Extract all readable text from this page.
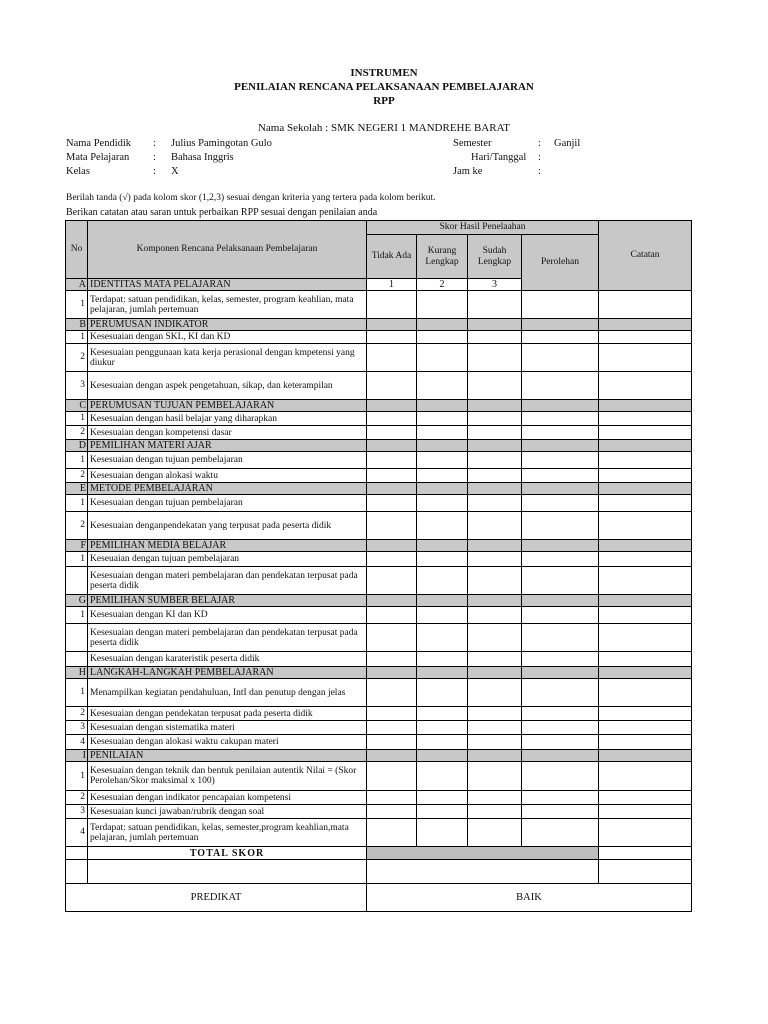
INSTRUMEN
PENILAIAN RENCANA PELAKSANAAN PEMBELAJARAN
RPP
Nama Sekolah : SMK NEGERI 1 MANDREHE BARAT
Nama Pendidik : Julius Pamingotan Gulo
Mata Pelajaran : Bahasa Inggris
Kelas	: X
Semester	: Ganjil
Hari/Tanggal :
Jam ke	:
Berilah tanda (√) pada kolom skor (1,2,3) sesuai dengan kriteria yang tertera pada kolom berikut.
Berikan catatan atau saran untuk perbaikan RPP sesuai dengan penilaian anda
No	Komponen Rencana Pelaksanaan Pembelajaran	Skor Hasil Penelaahan				Catatan	
		Tidak Ada	Kurang Lengkap	Sudah Lengkap	Perolehan		
A	IDENTITAS MATA PELAJARAN	1	2	3			
1	Terdapat: satuan pendidikan, kelas, semester, program keahlian, mata pelajaran, jumlah pertemuan						
B	PERUMUSAN INDIKATOR						
1	Kesesuaian dengan SKL, KI dan KD						
2	Kesesuaian penggunaan kata kerja perasional dengan kmpetensi yang diukur						
3	Kesesuaian dengan aspek pengetahuan, sikap, dan keterampilan						
C	PERUMUSAN TUJUAN PEMBELAJARAN						
1	Kesesuaian dengan hasil belajar yang diharapkan						
2	Kesesuaian dengan kompetensi dasar						
D	PEMILIHAN MATERI AJAR						
1	Kesesuaian dengan tujuan pembelajaran						
2	Kesesuaian dengan alokasi waktu						
E	METODE PEMBELAJARAN						
1	Kesesuaian dengan tujuan pembelajaran						
2	Kesesuaian denganpendekatan yang terpusat pada peserta didik						
F	PEMILIHAN MEDIA BELAJAR						
1	Keseuaian dengan tujuan pembelajaran						
	Kesesuaian dengan materi pembelajaran dan pendekatan terpusat pada peserta didik						
G	PEMILIHAN SUMBER BELAJAR						
1	Kesesuaian dengan KI dan KD						
	Kesesuaian dengan materi pembelajaran dan pendekatan terpusat pada peserta didik						
	Kesesuaian dengan karateristik peserta didik						
H	LANGKAH-LANGKAH PEMBELAJARAN						
1	Menampilkan kegiatan pendahuluan, IntI dan penutup dengan jelas						
2	Kesesuaian dengan pendekatan terpusat pada peserta didik						
3	Kesesuaian dengan sistematika materi						
4	Kesesuaian dengan alokasi waktu cakupan materi						
I	PENILAIAN						
1	Kesesuaian dengan teknik dan bentuk penilaian autentik Nilai = (Skor Perolehan/Skor maksimal x 100)						
2	Kesesuaian dengan indikator pencapaian kompetensi						
3	Kesesuaian kunci jawaban/rubrik dengan soal						
4	Terdapat: satuan pendidikan, kelas, semester,program keahlian,mata pelajaran, jumlah pertemuan						
	TOTAL SKOR						

PREDIKAT		BAIK					
